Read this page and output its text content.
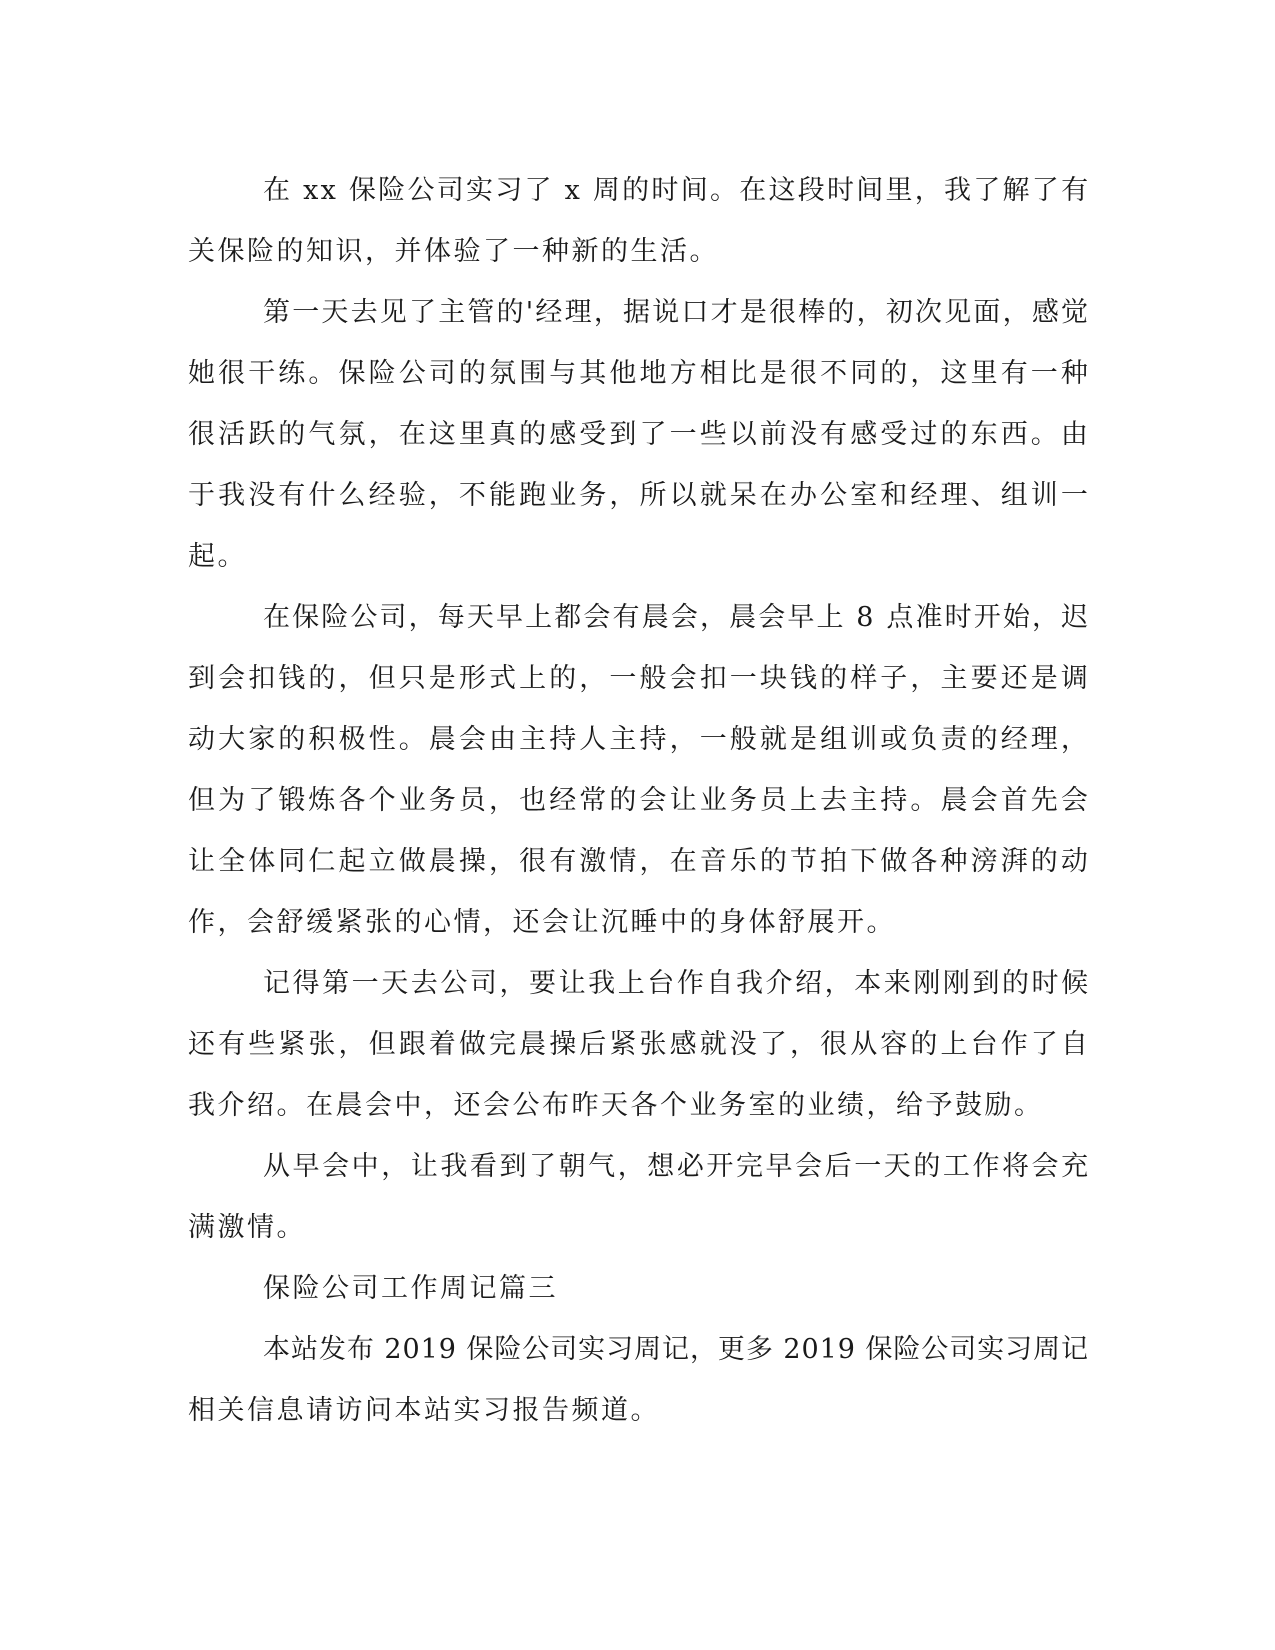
在 xx 保险公司实习了 x 周的时间。在这段时间里，我了解了有
关保险的知识，并体验了一种新的生活。
第一天去见了主管的'经理，据说口才是很棒的，初次见面，感觉
她很干练。保险公司的氛围与其他地方相比是很不同的，这里有一种
很活跃的气氛，在这里真的感受到了一些以前没有感受过的东西。由
于我没有什么经验，不能跑业务，所以就呆在办公室和经理、组训一
起。
在保险公司，每天早上都会有晨会，晨会早上 8 点准时开始，迟
到会扣钱的，但只是形式上的，一般会扣一块钱的样子，主要还是调
动大家的积极性。晨会由主持人主持，一般就是组训或负责的经理，
但为了锻炼各个业务员，也经常的会让业务员上去主持。晨会首先会
让全体同仁起立做晨操，很有激情，在音乐的节拍下做各种滂湃的动
作，会舒缓紧张的心情，还会让沉睡中的身体舒展开。
记得第一天去公司，要让我上台作自我介绍，本来刚刚到的时候
还有些紧张，但跟着做完晨操后紧张感就没了，很从容的上台作了自
我介绍。在晨会中，还会公布昨天各个业务室的业绩，给予鼓励。
从早会中，让我看到了朝气，想必开完早会后一天的工作将会充
满激情。
保险公司工作周记篇三
本站发布 2019 保险公司实习周记，更多 2019 保险公司实习周记
相关信息请访问本站实习报告频道。
